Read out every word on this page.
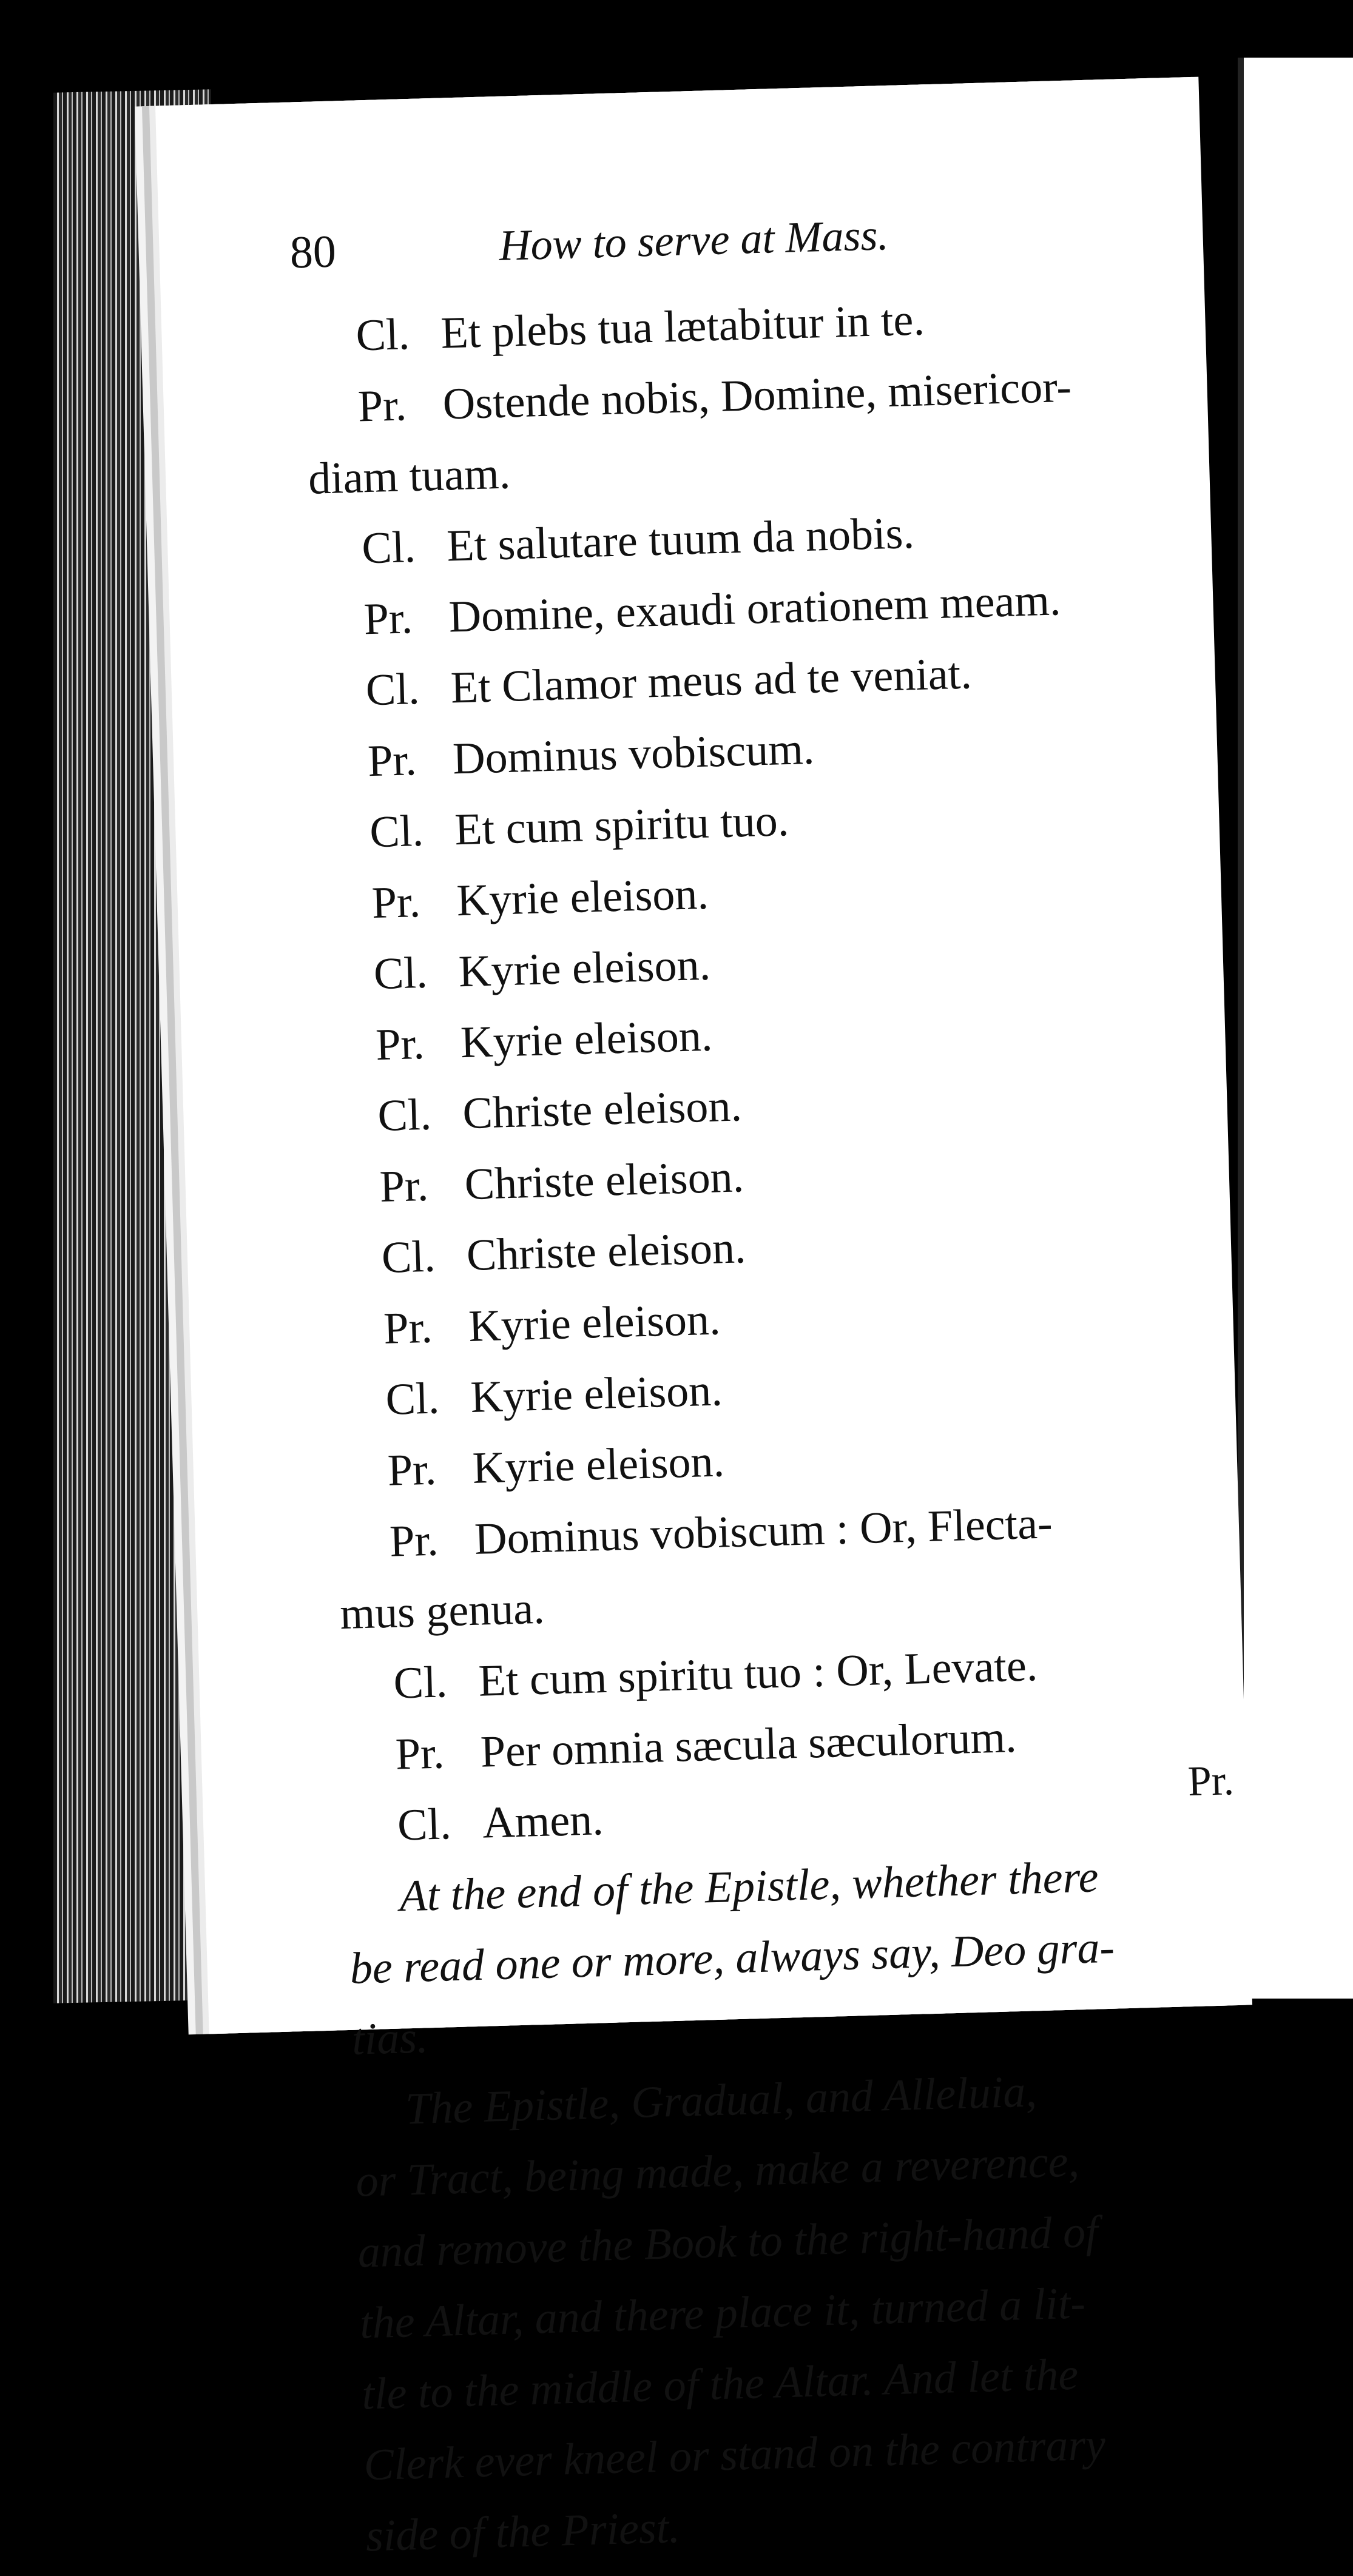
80	How to serve at Mass.
Cl. Et plebs tua lætabitur in te.
Pr. Ostende nobis, Domine, misericor-
diam tuam.
Cl. Et salutare tuum da nobis.
Pr. Domine, exaudi orationem meam.
Cl. Et Clamor meus ad te veniat.
Pr. Dominus vobiscum.
Cl. Et cum spiritu tuo.
Pr. Kyrie eleison.
Cl. Kyrie eleison.
Pr. Kyrie eleison.
Cl. Christe eleison.
Pr. Christe eleison.
Cl. Christe eleison.
Pr. Kyrie eleison.
Cl. Kyrie eleison.
Pr. Kyrie eleison.
Pr. Dominus vobiscum : Or, Flecta-
mus genua.
Cl. Et cum spiritu tuo : Or, Levate.
Pr. Per omnia sæcula sæculorum.
Cl. Amen.
At the end of the Epistle, whether there
be read one or more, always say, Deo gra-
tias.
The Epistle, Gradual, and Alleluia,
or Tract, being made, make a reverence,
and remove the Book to the right-hand of
the Altar, and there place it, turned a lit-
tle to the middle of the Altar. And let the
Clerk ever kneel or stand on the contrary
side of the Priest.
Pr.
